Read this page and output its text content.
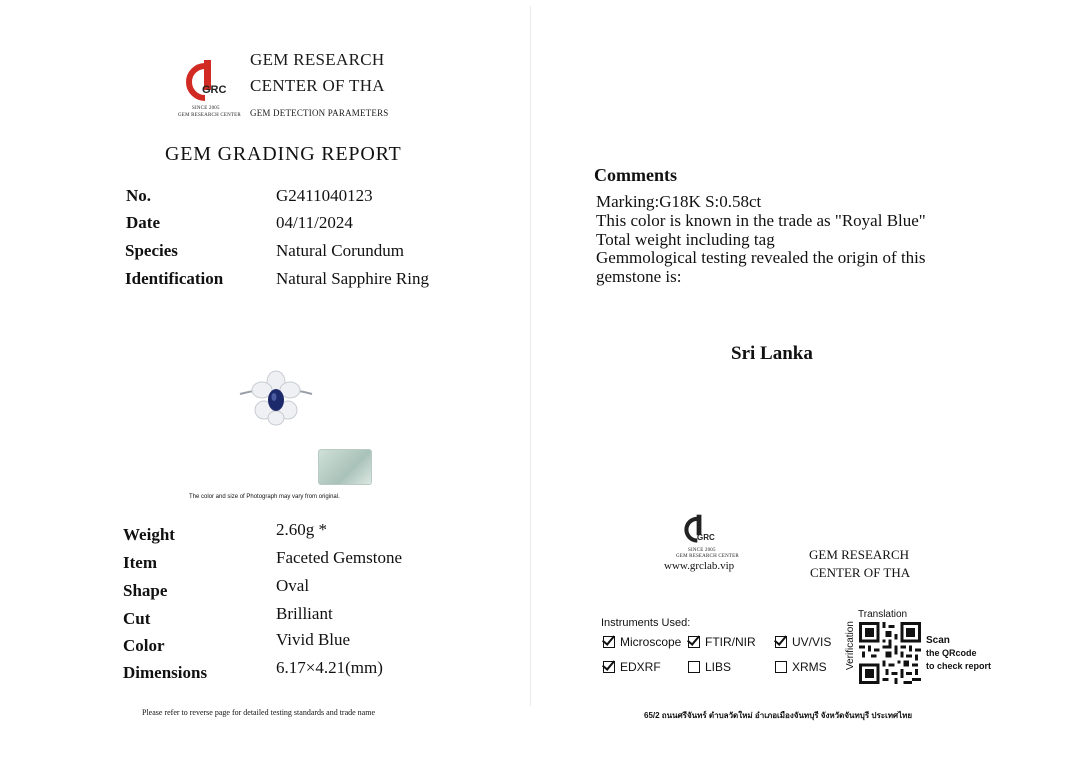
GRC
SINCE 2005
GEM RESEARCH CENTER
GEM RESEARCH
CENTER OF THA
GEM DETECTION PARAMETERS
GEM GRADING REPORT
No.	G2411040123
Date	04/11/2024
Species	Natural Corundum
Identification	Natural Sapphire Ring
The color and size of Photograph may vary from original.
Weight	2.60g *
Item	Faceted Gemstone
Shape	Oval
Cut	Brilliant
Color	Vivid Blue
Dimensions	6.17×4.21(mm)
Please refer to reverse page for detailed testing standards and trade name
Comments
Marking:G18K S:0.58ct
This color is known in the trade as "Royal Blue"
Total weight including tag
Gemmological testing revealed the origin of this
gemstone is:
Sri Lanka
GRC
SINCE 2005
GEM RESEARCH CENTER
www.grclab.vip
GEM RESEARCH
CENTER OF THA
Instruments Used:
Microscope FTIR/NIR	UV/VIS
EDXRF	LIBS	XRMS Verification
Translation
Scan
the QRcode
to check report
65/2 ถนนศรีจันทร์ ตำบลวัดใหม่ อำเภอเมืองจันทบุรี จังหวัดจันทบุรี ประเทศไทย
